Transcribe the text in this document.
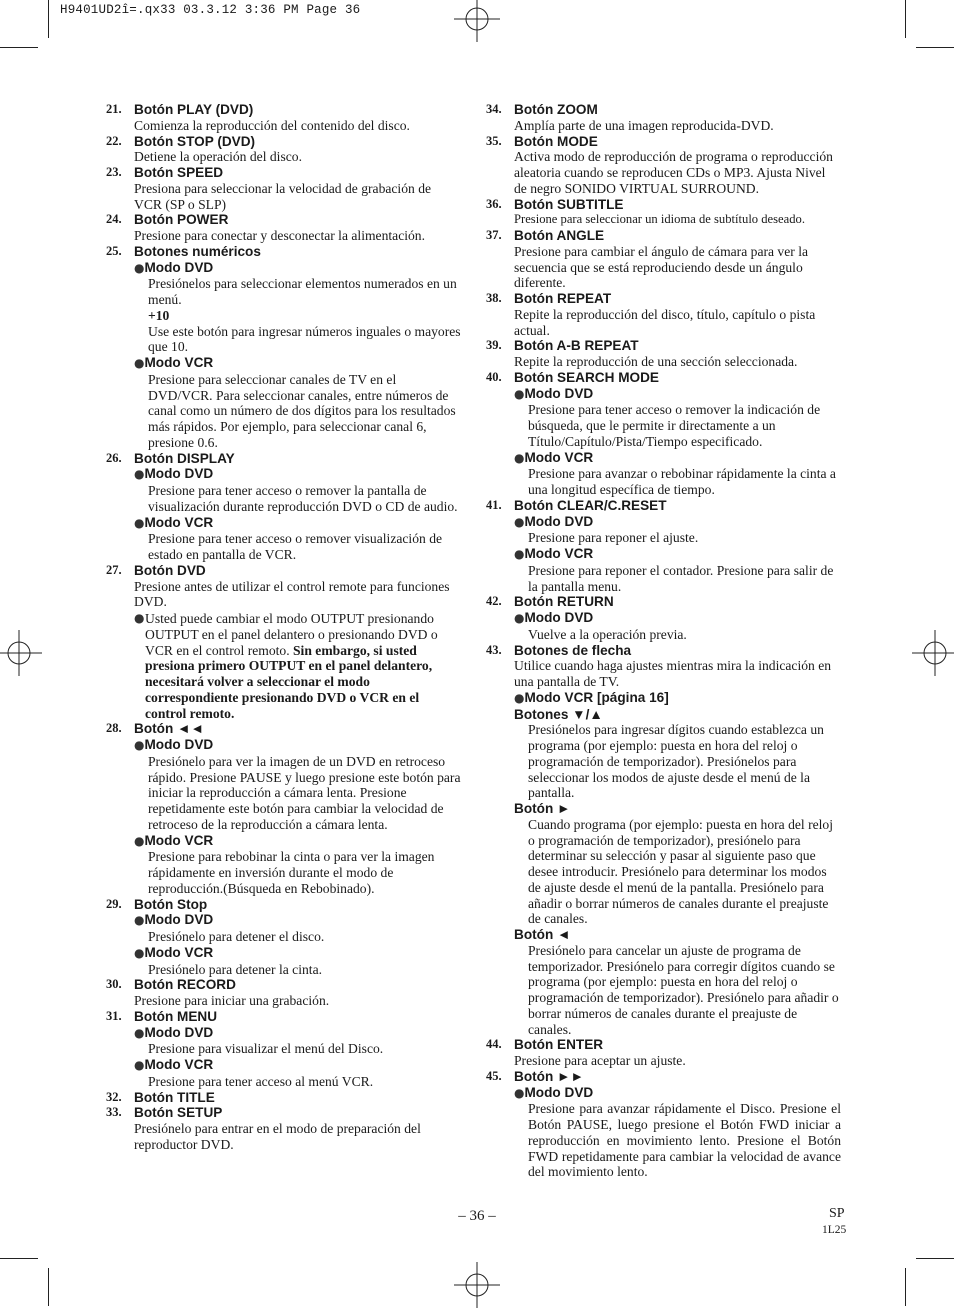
H9401UD2î=.qx33 03.3.12 3:36 PM Page 36
21. Botón PLAY (DVD)
Comienza la reproducción del contenido del disco.
22. Botón STOP (DVD)
Detiene la operación del disco.
23. Botón SPEED
Presiona para seleccionar la velocidad de grabación de VCR (SP o SLP)
24. Botón POWER
Presione para conectar y desconectar la alimentación.
25. Botones numéricos
●Modo DVD
Presiónelos para seleccionar elementos numerados en un menú.
+10
Use este botón para ingresar números inguales o mayores que 10.
●Modo VCR
Presione para seleccionar canales de TV en el DVD/VCR. Para seleccionar canales, entre números de canal como un número de dos dígitos para los resultados más rápidos. Por ejemplo, para seleccionar canal 6, presione 0.6.
26. Botón DISPLAY
●Modo DVD
Presione para tener acceso o remover la pantalla de visualización durante reproducción DVD o CD de audio.
●Modo VCR
Presione para tener acceso o remover visualización de estado en pantalla de VCR.
27. Botón DVD
Presione antes de utilizar el control remote para funciones DVD.
● Usted puede cambiar el modo OUTPUT presionando OUTPUT en el panel delantero o presionando DVD o VCR en el control remoto. Sin embargo, si usted presiona primero OUTPUT en el panel delantero, necesitará volver a seleccionar el modo correspondiente presionando DVD o VCR en el control remoto.
28. Botón ◄◄
●Modo DVD
Presiónelo para ver la imagen de un DVD en retroceso rápido. Presione PAUSE y luego presione este botón para iniciar la reproducción a cámara lenta. Presione repetidamente este botón para cambiar la velocidad de retroceso de la reproducción a cámara lenta.
●Modo VCR
Presione para rebobinar la cinta o para ver la imagen rápidamente en inversión durante el modo de reproducción.(Búsqueda en Rebobinado).
29. Botón Stop
●Modo DVD
Presiónelo para detener el disco.
●Modo VCR
Presiónelo para detener la cinta.
30. Botón RECORD
Presione para iniciar una grabación.
31. Botón MENU
●Modo DVD
Presione para visualizar el menú del Disco.
●Modo VCR
Presione para tener acceso al menú VCR.
32. Botón TITLE
33. Botón SETUP
Presiónelo para entrar en el modo de preparación del reproductor DVD.
34. Botón ZOOM
Amplía parte de una imagen reproducida-DVD.
35. Botón MODE
Activa modo de reproducción de programa o reproducción aleatoria cuando se reproducen CDs o MP3. Ajusta Nivel de negro SONIDO VIRTUAL SURROUND.
36. Botón SUBTITLE
Presione para seleccionar un idioma de subtítulo deseado.
37. Botón ANGLE
Presione para cambiar el ángulo de cámara para ver la secuencia que se está reproduciendo desde un ángulo diferente.
38. Botón REPEAT
Repite la reproducción del disco, título, capítulo o pista actual.
39. Botón A-B REPEAT
Repite la reproducción de una sección seleccionada.
40. Botón SEARCH MODE
●Modo DVD
Presione para tener acceso o remover la indicación de búsqueda, que le permite ir directamente a un Título/Capítulo/Pista/Tiempo especificado.
●Modo VCR
Presione para avanzar o rebobinar rápidamente la cinta a una longitud específica de tiempo.
41. Botón CLEAR/C.RESET
●Modo DVD
Presione para reponer el ajuste.
●Modo VCR
Presione para reponer el contador. Presione para salir de la pantalla menu.
42. Botón RETURN
●Modo DVD
Vuelve a la operación previa.
43. Botones de flecha
Utilice cuando haga ajustes mientras mira la indicación en una pantalla de TV.
●Modo VCR [página 16]
Botones ▼/▲
Presiónelos para ingresar dígitos cuando establezca un programa (por ejemplo: puesta en hora del reloj o programación de temporizador). Presiónelos para seleccionar los modos de ajuste desde el menú de la pantalla.
Botón ►
Cuando programa (por ejemplo: puesta en hora del reloj o programación de temporizador), presiónelo para determinar su selección y pasar al siguiente paso que desee introducir. Presiónelo para determinar los modos de ajuste desde el menú de la pantalla. Presiónelo para añadir o borrar números de canales durante el preajuste de canales.
Botón ◄
Presiónelo para cancelar un ajuste de programa de temporizador. Presiónelo para corregir dígitos cuando se programa (por ejemplo: puesta en hora del reloj o programación de temporizador). Presiónelo para añadir o borrar números de canales durante el preajuste de canales.
44. Botón ENTER
Presione para aceptar un ajuste.
45. Botón ►►
●Modo DVD
Presione para avanzar rápidamente el Disco. Presione el Botón PAUSE, luego presione el Botón FWD iniciar a reproducción en movimiento lento. Presione el Botón FWD repetidamente para cambiar la velocidad de avance del movimiento lento.
– 36 –	SP
1L25
